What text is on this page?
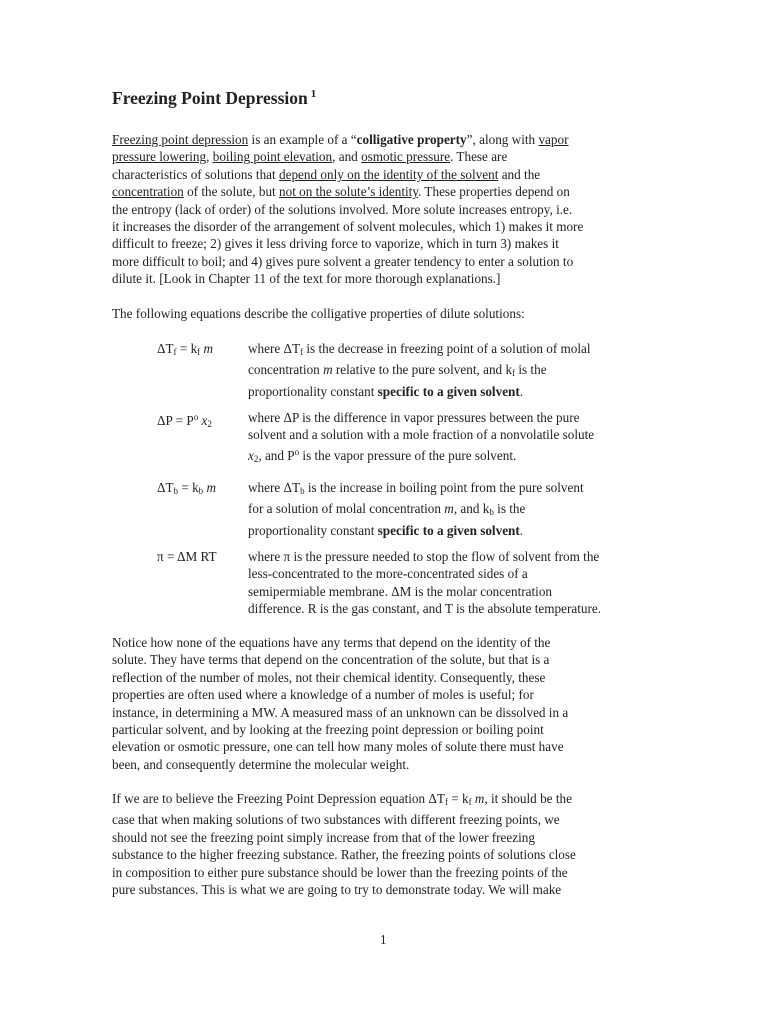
Freezing Point Depression $^1$
Freezing point depression is an example of a “colligative property”, along with vapor
pressure lowering, boiling point elevation, and osmotic pressure. These are
characteristics of solutions that depend only on the identity of the solvent and the
concentration of the solute, but not on the solute’s identity. These properties depend on
the entropy (lack of order) of the solutions involved. More solute increases entropy, i.e.
it increases the disorder of the arrangement of solvent molecules, which 1) makes it more
difficult to freeze; 2) gives it less driving force to vaporize, which in turn 3) makes it
more difficult to boil; and 4) gives pure solvent a greater tendency to enter a solution to
dilute it. [Look in Chapter 11 of the text for more thorough explanations.]

The following equations describe the colligative properties of dilute solutions:

$\Delta T_f = k_f$ m	where $\Delta T_f$ is the decrease in freezing point of a solution of molal
concentration m relative to the pure solvent, and $k_f$ is the
proportionality constant specific to a given solvent.
$\Delta P = P^o$ $x_2$	where ΔP is the difference in vapor pressures between the pure
solvent and a solution with a mole fraction of a nonvolatile solute
$x_2$, and $P^o$ is the vapor pressure of the pure solvent.
$\Delta T_b = k_b$ m where $\Delta T_b$ is the increase in boiling point from the pure solvent
for a solution of molal concentration m, and $k_b$ is the
proportionality constant specific to a given solvent.
π = ΔM RT where π is the pressure needed to stop the flow of solvent from the
less-concentrated to the more-concentrated sides of a
semipermiable membrane. ΔM is the molar concentration
difference. R is the gas constant, and T is the absolute temperature.
Notice how none of the equations have any terms that depend on the identity of the
solute. They have terms that depend on the concentration of the solute, but that is a
reflection of the number of moles, not their chemical identity. Consequently, these
properties are often used where a knowledge of a number of moles is useful; for
instance, in determining a MW. A measured mass of an unknown can be dissolved in a
particular solvent, and by looking at the freezing point depression or boiling point
elevation or osmotic pressure, one can tell how many moles of solute there must have
been, and consequently determine the molecular weight.
If we are to believe the Freezing Point Depression equation $\Delta T_f = k_f$ m, it should be the
case that when making solutions of two substances with different freezing points, we
should not see the freezing point simply increase from that of the lower freezing
substance to the higher freezing substance. Rather, the freezing points of solutions close
in composition to either pure substance should be lower than the freezing points of the
pure substances. This is what we are going to try to demonstrate today. We will make

1
